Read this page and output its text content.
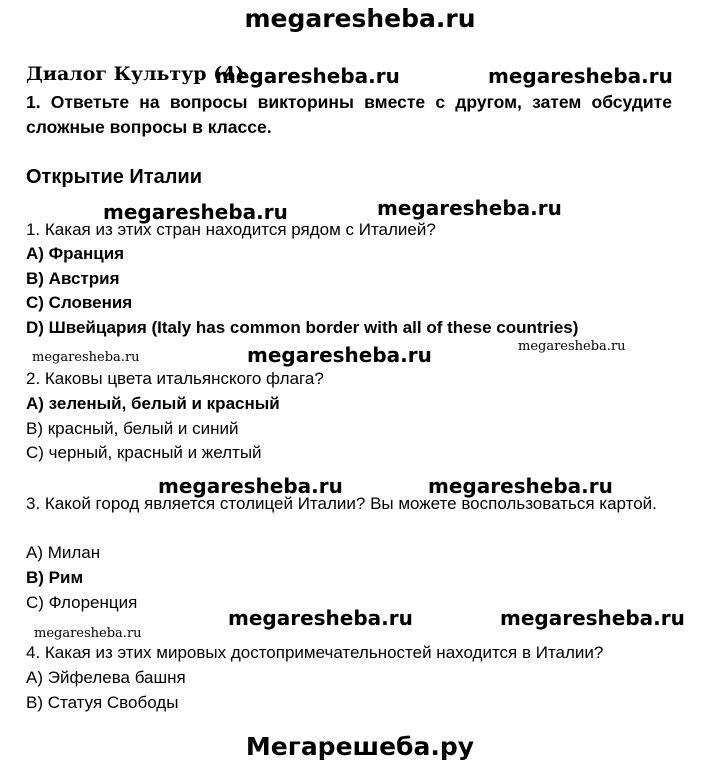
megaresheba.ru
Диалог Культур (4)
megaresheba.ru	megaresheba.ru
1. Ответьте на вопросы викторины вместе с другом, затем обсудите сложные вопросы в классе.
Открытие Италии
megaresheba.ru	megaresheba.ru
1. Какая из этих стран находится рядом с Италией?
A) Франция
B) Австрия
C) Словения
D) Швейцария (Italy has common border with all of these countries)
megaresheba.ru	megaresheba.ru	megaresheba.ru
2. Каковы цвета итальянского флага?
A) зеленый, белый и красный
B) красный, белый и синий
C) черный, красный и желтый
megaresheba.ru	megaresheba.ru
3. Какой город является столицей Италии? Вы можете воспользоваться картой.
A) Милан
B) Рим
C) Флоренция
megaresheba.ru	megaresheba.ru
megaresheba.ru
4. Какая из этих мировых достопримечательностей находится в Италии?
A) Эйфелева башня
B) Статуя Свободы
Мегарешеба.ру
